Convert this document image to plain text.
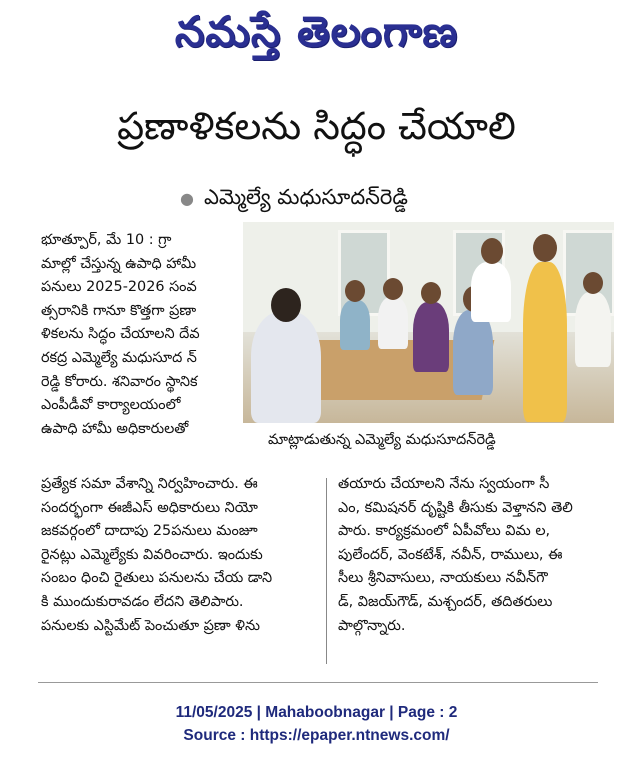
నమస్తే తెలంగాణ
ప్రణాళికలను సిద్ధం చేయాలి
● ఎమ్మెల్యే మధుసూదన్‌రెడ్డి
భూత్పూర్, మే 10 : గ్రా
మాల్లో చేస్తున్న ఉపాధి హామీ
పనులు 2025-2026 సంవ
త్సరానికి గానూ కొత్తగా ప్రణా
ళికలను సిద్ధం చేయాలని దేవ
రకద్ర ఎమ్మెల్యే మధుసూద న్
రెడ్డి కోరారు. శనివారం స్థానిక
ఎంపీడీవో కార్యాలయంలో
ఉపాధి హామీ అధికారులతో
మాట్లాడుతున్న ఎమ్మెల్యే మధుసూదన్‌రెడ్డి
ప్రత్యేక సమా వేశాన్ని నిర్వహించారు. ఈ
సందర్భంగా ఈజీఎస్ అధికారులు నియో
జకవర్గంలో దాదాపు 25పనులు మంజూ
రైనట్లు ఎమ్మెల్యేకు వివరించారు. ఇందుకు
సంబం ధించి రైతులు పనులను చేయ డాని
కి ముందుకురావడం లేదని తెలిపారు.
పనులకు ఎస్టిమేట్ పెంచుతూ ప్రణా ళిను
తయారు చేయాలని నేను స్వయంగా సీ
ఎం, కమిషనర్ దృష్టికి తీసుకు వెళ్తానని తెలి
పారు. కార్యక్రమంలో ఏపీవోలు విమ ల,
పులేందర్, వెంకటేశ్, నవీన్, రాములు, ఈ
సీలు శ్రీనివాసులు, నాయకులు నవీన్‌గౌ
డ్, విజయ్‌గౌడ్, మశ్చందర్, తదితరులు
పాల్గొన్నారు.
11/05/2025 | Mahaboobnagar | Page : 2
Source : https://epaper.ntnews.com/
